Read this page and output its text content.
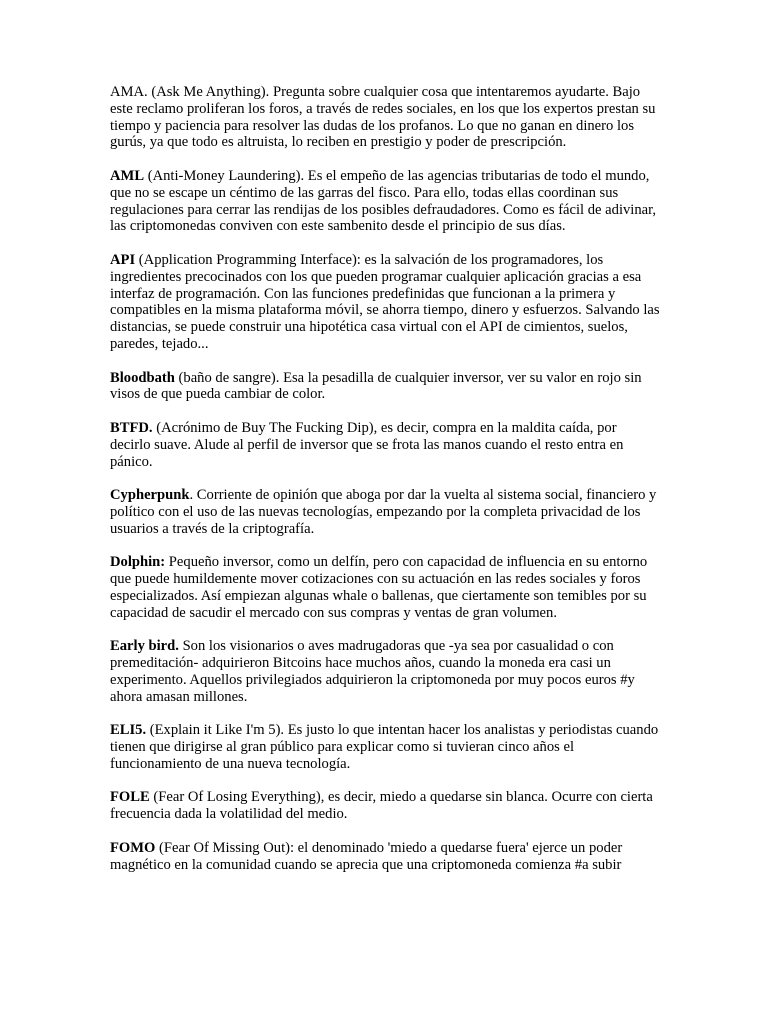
AMA. (Ask Me Anything). Pregunta sobre cualquier cosa que intentaremos ayudarte. Bajo este reclamo proliferan los foros, a través de redes sociales, en los que los expertos prestan su tiempo y paciencia para resolver las dudas de los profanos. Lo que no ganan en dinero los gurús, ya que todo es altruista, lo reciben en prestigio y poder de prescripción.

AML (Anti-Money Laundering). Es el empeño de las agencias tributarias de todo el mundo, que no se escape un céntimo de las garras del fisco. Para ello, todas ellas coordinan sus regulaciones para cerrar las rendijas de los posibles defraudadores. Como es fácil de adivinar, las criptomonedas conviven con este sambenito desde el principio de sus días.

API (Application Programming Interface): es la salvación de los programadores, los ingredientes precocinados con los que pueden programar cualquier aplicación gracias a esa interfaz de programación. Con las funciones predefinidas que funcionan a la primera y compatibles en la misma plataforma móvil, se ahorra tiempo, dinero y esfuerzos. Salvando las distancias, se puede construir una hipotética casa virtual con el API de cimientos, suelos, paredes, tejado...

Bloodbath (baño de sangre). Esa la pesadilla de cualquier inversor, ver su valor en rojo sin visos de que pueda cambiar de color.

BTFD. (Acrónimo de Buy The Fucking Dip), es decir, compra en la maldita caída, por decirlo suave. Alude al perfil de inversor que se frota las manos cuando el resto entra en pánico.

Cypherpunk. Corriente de opinión que aboga por dar la vuelta al sistema social, financiero y político con el uso de las nuevas tecnologías, empezando por la completa privacidad de los usuarios a través de la criptografía.

Dolphin: Pequeño inversor, como un delfín, pero con capacidad de influencia en su entorno que puede humildemente mover cotizaciones con su actuación en las redes sociales y foros especializados. Así empiezan algunas whale o ballenas, que ciertamente son temibles por su capacidad de sacudir el mercado con sus compras y ventas de gran volumen.

Early bird. Son los visionarios o aves madrugadoras que -ya sea por casualidad o con premeditación- adquirieron Bitcoins hace muchos años, cuando la moneda era casi un experimento. Aquellos privilegiados adquirieron la criptomoneda por muy pocos euros #y ahora amasan millones.

ELI5. (Explain it Like I'm 5). Es justo lo que intentan hacer los analistas y periodistas cuando tienen que dirigirse al gran público para explicar como si tuvieran cinco años el funcionamiento de una nueva tecnología.

FOLE (Fear Of Losing Everything), es decir, miedo a quedarse sin blanca. Ocurre con cierta frecuencia dada la volatilidad del medio.

FOMO (Fear Of Missing Out): el denominado 'miedo a quedarse fuera' ejerce un poder magnético en la comunidad cuando se aprecia que una criptomoneda comienza #a subir
